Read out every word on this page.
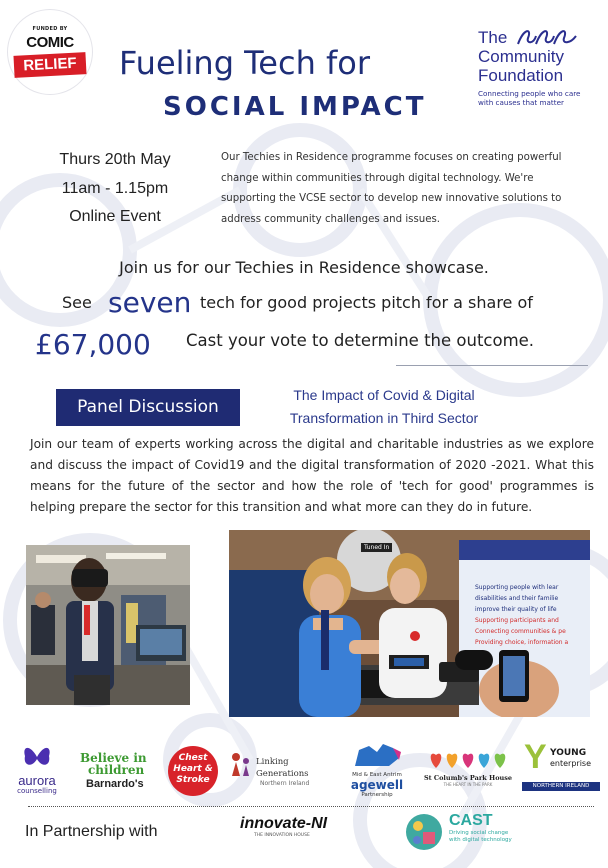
FUNDED BY
COMIC
RELIEF Fueling Tech for
SOCIAL IMPACT
The
Community
Foundation
Connecting people who care
with causes that matter
Thurs 20th May
11am - 1.15pm
Online Event
Our Techies in Residence programme focuses on creating powerful change within communities through digital technology. We're supporting the VCSE sector to develop new innovative solutions to address community challenges and issues.
Join us for our Techies in Residence showcase.
See seven tech for good projects pitch for a share of
£67,000 Cast your vote to determine the outcome.
Panel Discussion
The Impact of Covid & Digital
Transformation in Third Sector
Join our team of experts working across the digital and charitable industries as we explore and discuss the impact of Covid19 and the digital transformation of 2020 -2021. What this means for the future of the sector and how the role of 'tech for good' programmes is helping prepare the sector for this transition and what more can they do in future.
Tuned In
Supporting people with lear
disabilities and their familie
improve their quality of life
Supporting participants and
Connecting communities & pe
Providing choice, information a
aurora
counselling
Believe in
children
Barnardo's
Chest
Heart &
Stroke
Linking Generations
Northern Ireland
Mid & East Antrim
agewell
Partnership
St Columb's Park House
THE HEART IN THE PARK
Y YOUNG
enterprise
NORTHERN IRELAND
In Partnership with	innovate-NI
THE INNOVATION HOUSE
CAST
Driving social change
with digital technology
